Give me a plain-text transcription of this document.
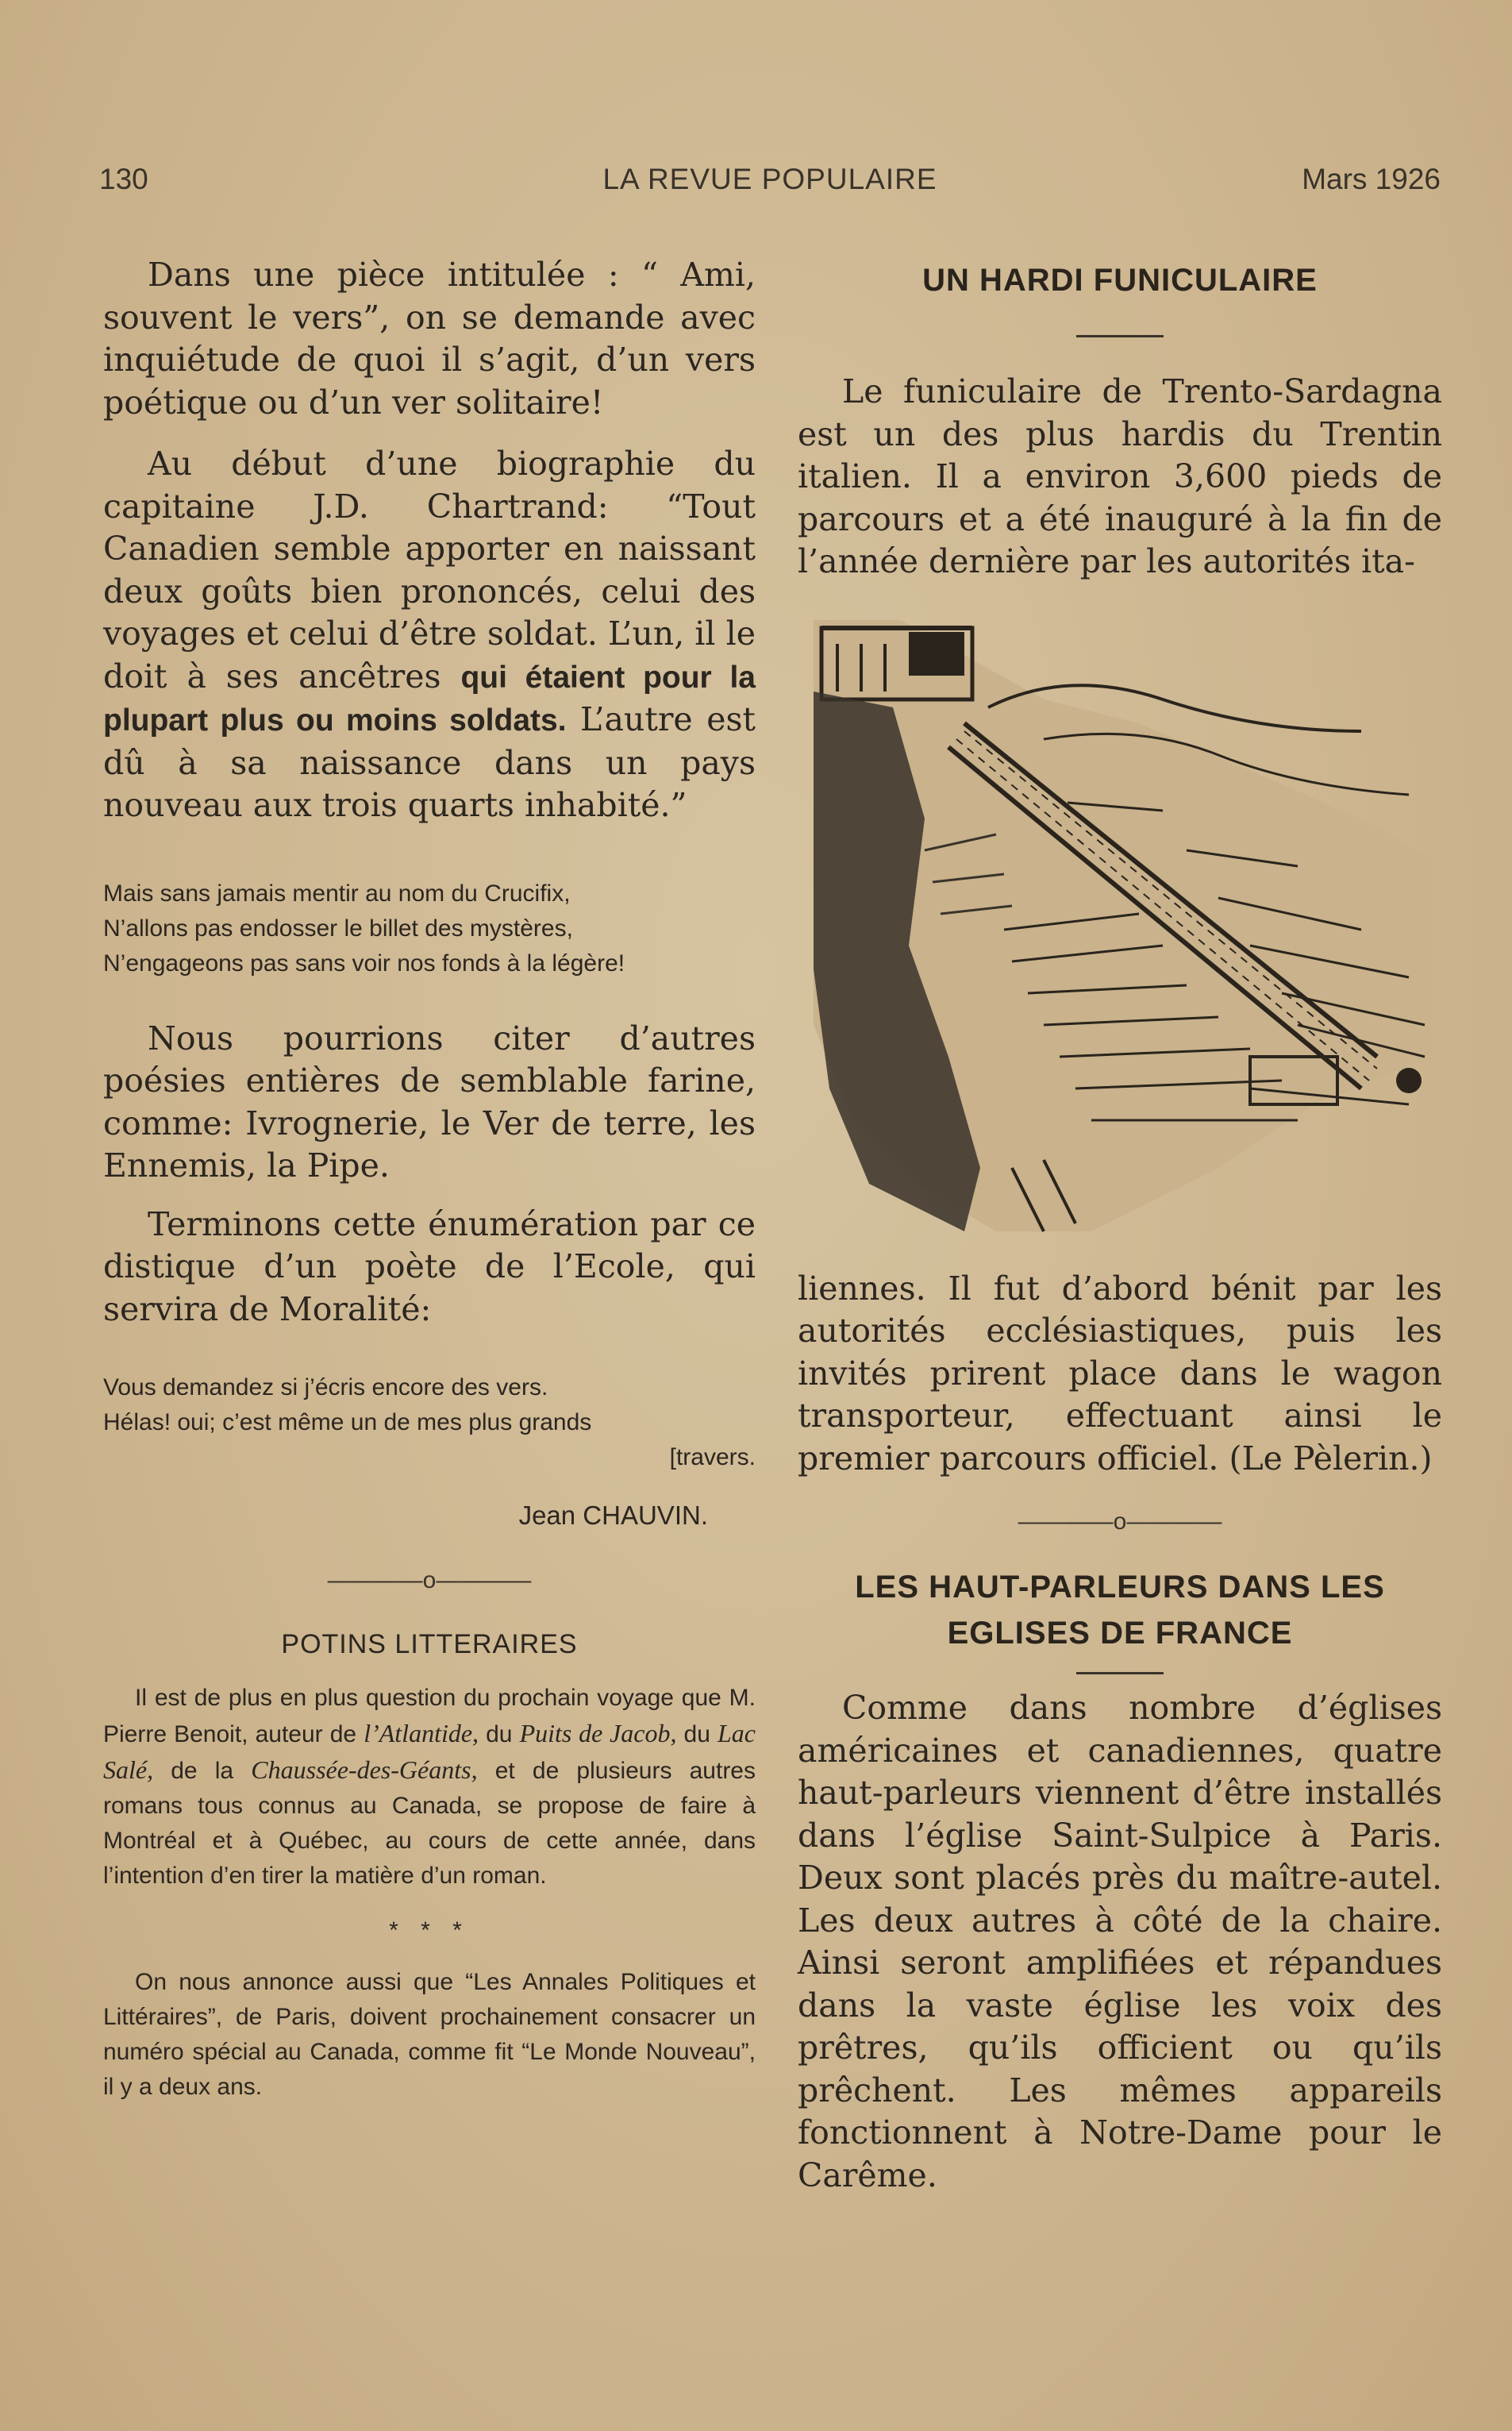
130	LA REVUE POPULAIRE	Mars 1926

Dans une pièce intitulée : “ Ami, souvent le vers”, on se demande avec inquiétude de quoi il s’agit, d’un vers poétique ou d’un ver solitaire!

Au début d’une biographie du capitaine J.D. Chartrand: “Tout Canadien semble apporter en naissant deux goûts bien prononcés, celui des voyages et celui d’être soldat. L’un, il le doit à ses ancêtres qui étaient pour la plupart plus ou moins soldats. L’autre est dû à sa naissance dans un pays nouveau aux trois quarts inhabité.”

Mais sans jamais mentir au nom du Crucifix,

N’allons pas endosser le billet des mystères,

N’engageons pas sans voir nos fonds à la légère!

Nous pourrions citer d’autres poésies entières de semblable farine, comme: Ivrognerie, le Ver de terre, les Ennemis, la Pipe.

Terminons cette énumération par ce distique d’un poète de l’Ecole, qui servira de Moralité:

Vous demandez si j’écris encore des vers.

Hélas! oui; c’est même un de mes plus grands

[travers.

Jean CHAUVIN.
————o————

POTINS LITTERAIRES

Il est de plus en plus question du prochain voyage que M. Pierre Benoit, auteur de l’Atlantide, du Puits de Jacob, du Lac Salé, de la Chaussée-des-Géants, et de plusieurs autres romans tous connus au Canada, se propose de faire à Montréal et à Québec, au cours de cette année, dans l’intention d’en tirer la matière d’un roman.

* * *

On nous annonce aussi que “Les Annales Politiques et Littéraires”, de Paris, doivent prochainement consacrer un numéro spécial au Canada, comme fit “Le Monde Nouveau”, il y a deux ans.

UN HARDI FUNICULAIRE

Le funiculaire de Trento-Sardagna est un des plus hardis du Trentin italien. Il a environ 3,600 pieds de parcours et a été inauguré à la fin de l’année dernière par les autorités ita-

liennes. Il fut d’abord bénit par les autorités ecclésiastiques, puis les invités prirent place dans le wagon transporteur, effectuant ainsi le premier parcours officiel. (Le Pèlerin.)

————o————

LES HAUT-PARLEURS DANS LES

EGLISES DE FRANCE

Comme dans nombre d’églises américaines et canadiennes, quatre haut-parleurs viennent d’être installés dans l’église Saint-Sulpice à Paris. Deux sont placés près du maître-autel. Les deux autres à côté de la chaire. Ainsi seront amplifiées et répandues dans la vaste église les voix des prêtres, qu’ils officient ou qu’ils prêchent. Les mêmes appareils fonctionnent à Notre-Dame pour le Carême.
